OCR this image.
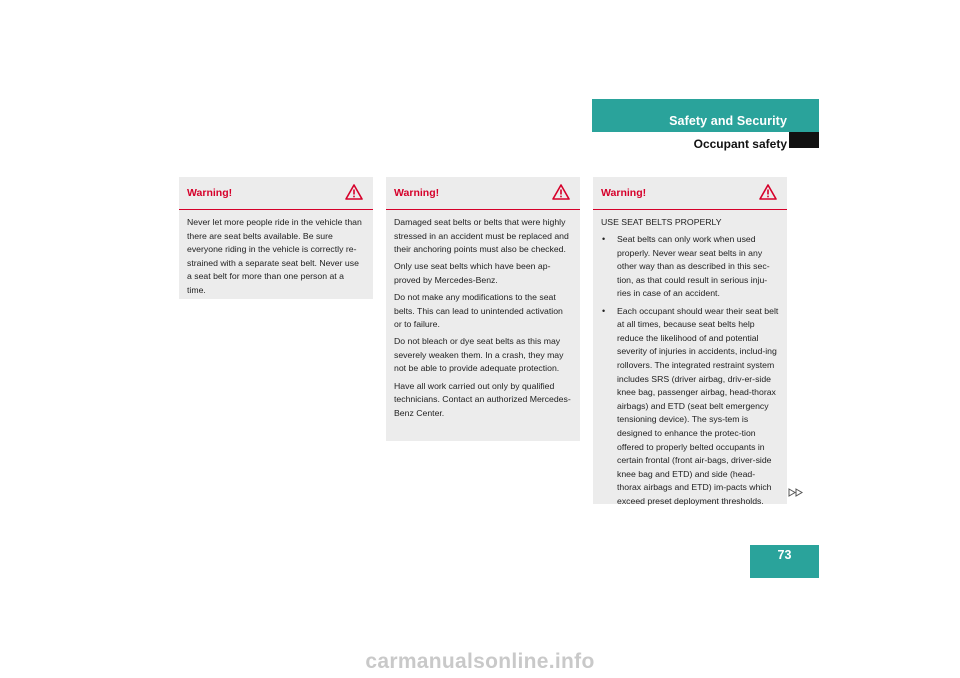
Safety and Security
Occupant safety
Warning!

Never let more people ride in the vehicle than there are seat belts available. Be sure everyone riding in the vehicle is correctly re-strained with a separate seat belt. Never use a seat belt for more than one person at a time.

Warning!

Damaged seat belts or belts that were highly stressed in an accident must be replaced and their anchoring points must also be checked.

Only use seat belts which have been ap-proved by Mercedes-Benz.

Do not make any modifications to the seat belts. This can lead to unintended activation or to failure.

Do not bleach or dye seat belts as this may severely weaken them. In a crash, they may not be able to provide adequate protection.

Have all work carried out only by qualified technicians. Contact an authorized Mercedes-Benz Center.

Warning!

USE SEAT BELTS PROPERLY

• Seat belts can only work when used properly. Never wear seat belts in any other way than as described in this sec-tion, as that could result in serious inju-ries in case of an accident.
• Each occupant should wear their seat belt at all times, because seat belts help reduce the likelihood of and potential severity of injuries in accidents, includ-ing rollovers. The integrated restraint system includes SRS (driver airbag, driv-er-side knee bag, passenger airbag, head-thorax airbags) and ETD (seat belt emergency tensioning device). The sys-tem is designed to enhance the protec-tion offered to properly belted occupants in certain frontal (front air-bags, driver-side knee bag and ETD) and side (head-thorax airbags and ETD) im-pacts which exceed preset deployment thresholds.
73
carmanualsonline.info
